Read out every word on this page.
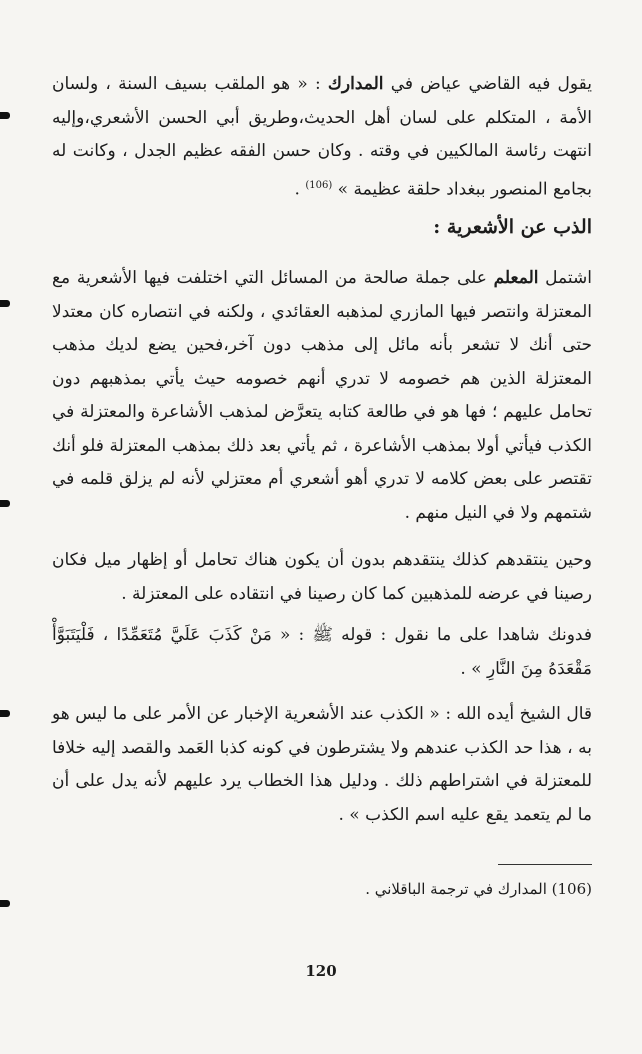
يقول فيه القاضي عياض في المدارك : « هو الملقب بسيف السنة ، ولسان الأمة ، المتكلم على لسان أهل الحديث،وطريق أبي الحسن الأشعري،وإليه انتهت رئاسة المالكيين في وقته . وكان حسن الفقه عظيم الجدل ، وكانت له بجامع المنصور ببغداد حلقة عظيمة » $^{(106)}$ .

الذب عن الأشعرية :

اشتمل المعلم على جملة صالحة من المسائل التي اختلفت فيها الأشعرية مع المعتزلة وانتصر فيها المازري لمذهبه العقائدي ، ولكنه في انتصاره كان معتدلا حتى أنك لا تشعر بأنه مائل إلى مذهب دون آخر،فحين يضع لديك مذهب المعتزلة الذين هم خصومه لا تدري أنهم خصومه حيث يأتي بمذهبهم دون تحامل عليهم ؛ فها هو في طالعة كتابه يتعرَّض لمذهب الأشاعرة والمعتزلة في الكذب فيأتي أولا بمذهب الأشاعرة ، ثم يأتي بعد ذلك بمذهب المعتزلة فلو أنك تقتصر على بعض كلامه لا تدري أهو أشعري أم معتزلي لأنه لم يزلق قلمه في شتمهم ولا في النيل منهم .

وحين ينتقدهم كذلك ينتقدهم بدون أن يكون هناك تحامل أو إظهار ميل فكان رصينا في عرضه للمذهبين كما كان رصينا في انتقاده على المعتزلة .

فدونك شاهدا على ما نقول : قوله ﷺ : « مَنْ كَذَبَ عَلَيَّ مُتَعَمِّدًا ، فَلْيَتَبَوَّأْ مَقْعَدَهُ مِنَ النَّارِ » .

قال الشيخ أيده الله : « الكذب عند الأشعرية الإخبار عن الأمر على ما ليس هو به ، هذا حد الكذب عندهم ولا يشترطون في كونه كذبا العَمد والقصد إليه خلافا للمعتزلة في اشتراطهم ذلك . ودليل هذا الخطاب يرد عليهم لأنه يدل على أن ما لم يتعمد يقع عليه اسم الكذب » .

(106) المدارك في ترجمة الباقلاني .

120
